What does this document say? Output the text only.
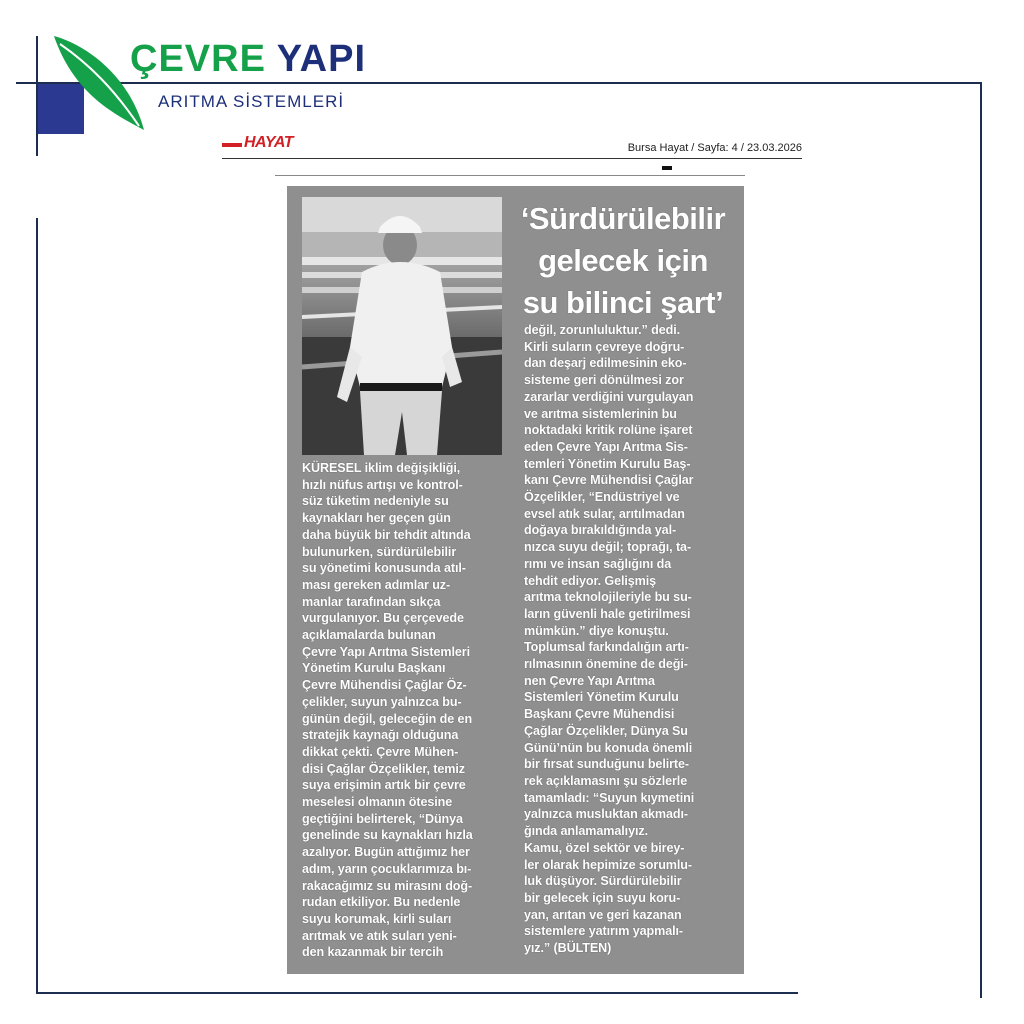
ÇEVRE YAPI
ARITMA SİSTEMLERİ
HAYAT	Bursa Hayat / Sayfa: 4 / 23.03.2026
‘Sürdürülebilir
gelecek için
su bilinci şart’
KÜRESEL iklim değişikliği,
hızlı nüfus artışı ve kontrol-
süz tüketim nedeniyle su
kaynakları her geçen gün
daha büyük bir tehdit altında
bulunurken, sürdürülebilir
su yönetimi konusunda atıl-
ması gereken adımlar uz-
manlar tarafından sıkça
vurgulanıyor. Bu çerçevede
açıklamalarda bulunan
Çevre Yapı Arıtma Sistemleri
Yönetim Kurulu Başkanı
Çevre Mühendisi Çağlar Öz-
çelikler, suyun yalnızca bu-
günün değil, geleceğin de en
stratejik kaynağı olduğuna
dikkat çekti. Çevre Mühen-
disi Çağlar Özçelikler, temiz
suya erişimin artık bir çevre
meselesi olmanın ötesine
geçtiğini belirterek, “Dünya
genelinde su kaynakları hızla
azalıyor. Bugün attığımız her
adım, yarın çocuklarımıza bı-
rakacağımız su mirasını doğ-
rudan etkiliyor. Bu nedenle
suyu korumak, kirli suları
arıtmak ve atık suları yeni-
den kazanmak bir tercih
değil, zorunluluktur.” dedi.
Kirli suların çevreye doğru-
dan deşarj edilmesinin eko-
sisteme geri dönülmesi zor
zararlar verdiğini vurgulayan
ve arıtma sistemlerinin bu
noktadaki kritik rolüne işaret
eden Çevre Yapı Arıtma Sis-
temleri Yönetim Kurulu Baş-
kanı Çevre Mühendisi Çağlar
Özçelikler, “Endüstriyel ve
evsel atık sular, arıtılmadan
doğaya bırakıldığında yal-
nızca suyu değil; toprağı, ta-
rımı ve insan sağlığını da
tehdit ediyor. Gelişmiş
arıtma teknolojileriyle bu su-
ların güvenli hale getirilmesi
mümkün.” diye konuştu.
Toplumsal farkındalığın artı-
rılmasının önemine de deği-
nen Çevre Yapı Arıtma
Sistemleri Yönetim Kurulu
Başkanı Çevre Mühendisi
Çağlar Özçelikler, Dünya Su
Günü’nün bu konuda önemli
bir fırsat sunduğunu belirte-
rek açıklamasını şu sözlerle
tamamladı: “Suyun kıymetini
yalnızca musluktan akmadı-
ğında anlamamalıyız.
Kamu, özel sektör ve birey-
ler olarak hepimize sorumlu-
luk düşüyor. Sürdürülebilir
bir gelecek için suyu koru-
yan, arıtan ve geri kazanan
sistemlere yatırım yapmalı-
yız.” (BÜLTEN)
